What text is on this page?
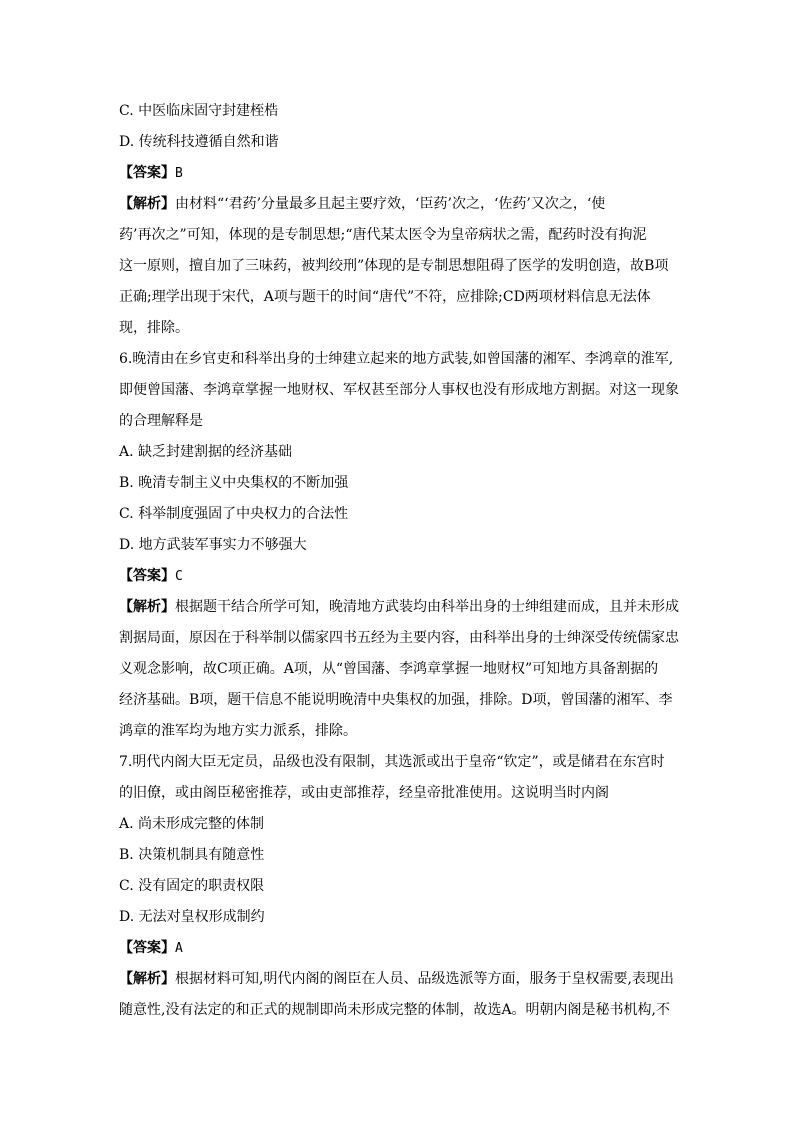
C. 中医临床固守封建桎梏
D. 传统科技遵循自然和谐
【答案】B
【解析】由材料“‘君药’分量最多且起主要疗效，‘臣药’次之，‘佐药’又次之，‘使
药’再次之”可知，体现的是专制思想;“唐代某太医令为皇帝病状之需，配药时没有拘泥
这一原则，擅自加了三味药，被判绞刑”体现的是专制思想阻碍了医学的发明创造，故B项
正确;理学出现于宋代，A项与题干的时间“唐代”不符，应排除;CD两项材料信息无法体
现，排除。
6.晚清由在乡官吏和科举出身的士绅建立起来的地方武装,如曾国藩的湘军、李鸿章的淮军,
即便曾国藩、李鸿章掌握一地财权、军权甚至部分人事权也没有形成地方割据。对这一现象
的合理解释是
A. 缺乏封建割据的经济基础
B. 晚清专制主义中央集权的不断加强
C. 科举制度强固了中央权力的合法性
D. 地方武装军事实力不够强大
【答案】C
【解析】根据题干结合所学可知，晚清地方武装均由科举出身的士绅组建而成，且并未形成
割据局面，原因在于科举制以儒家四书五经为主要内容，由科举出身的士绅深受传统儒家忠
义观念影响，故C项正确。A项，从“曾国藩、李鸿章掌握一地财权”可知地方具备割据的
经济基础。B项，题干信息不能说明晚清中央集权的加强，排除。D项，曾国藩的湘军、李
鸿章的淮军均为地方实力派系，排除。
7.明代内阁大臣无定员，品级也没有限制，其选派或出于皇帝“钦定”，或是储君在东宫时
的旧僚，或由阁臣秘密推荐，或由吏部推荐，经皇帝批准使用。这说明当时内阁
A. 尚未形成完整的体制
B. 决策机制具有随意性
C. 没有固定的职责权限
D. 无法对皇权形成制约
【答案】A
【解析】根据材料可知,明代内阁的阁臣在人员、品级选派等方面，服务于皇权需要,表现出
随意性,没有法定的和正式的规制即尚未形成完整的体制，故选A。明朝内阁是秘书机构,不
